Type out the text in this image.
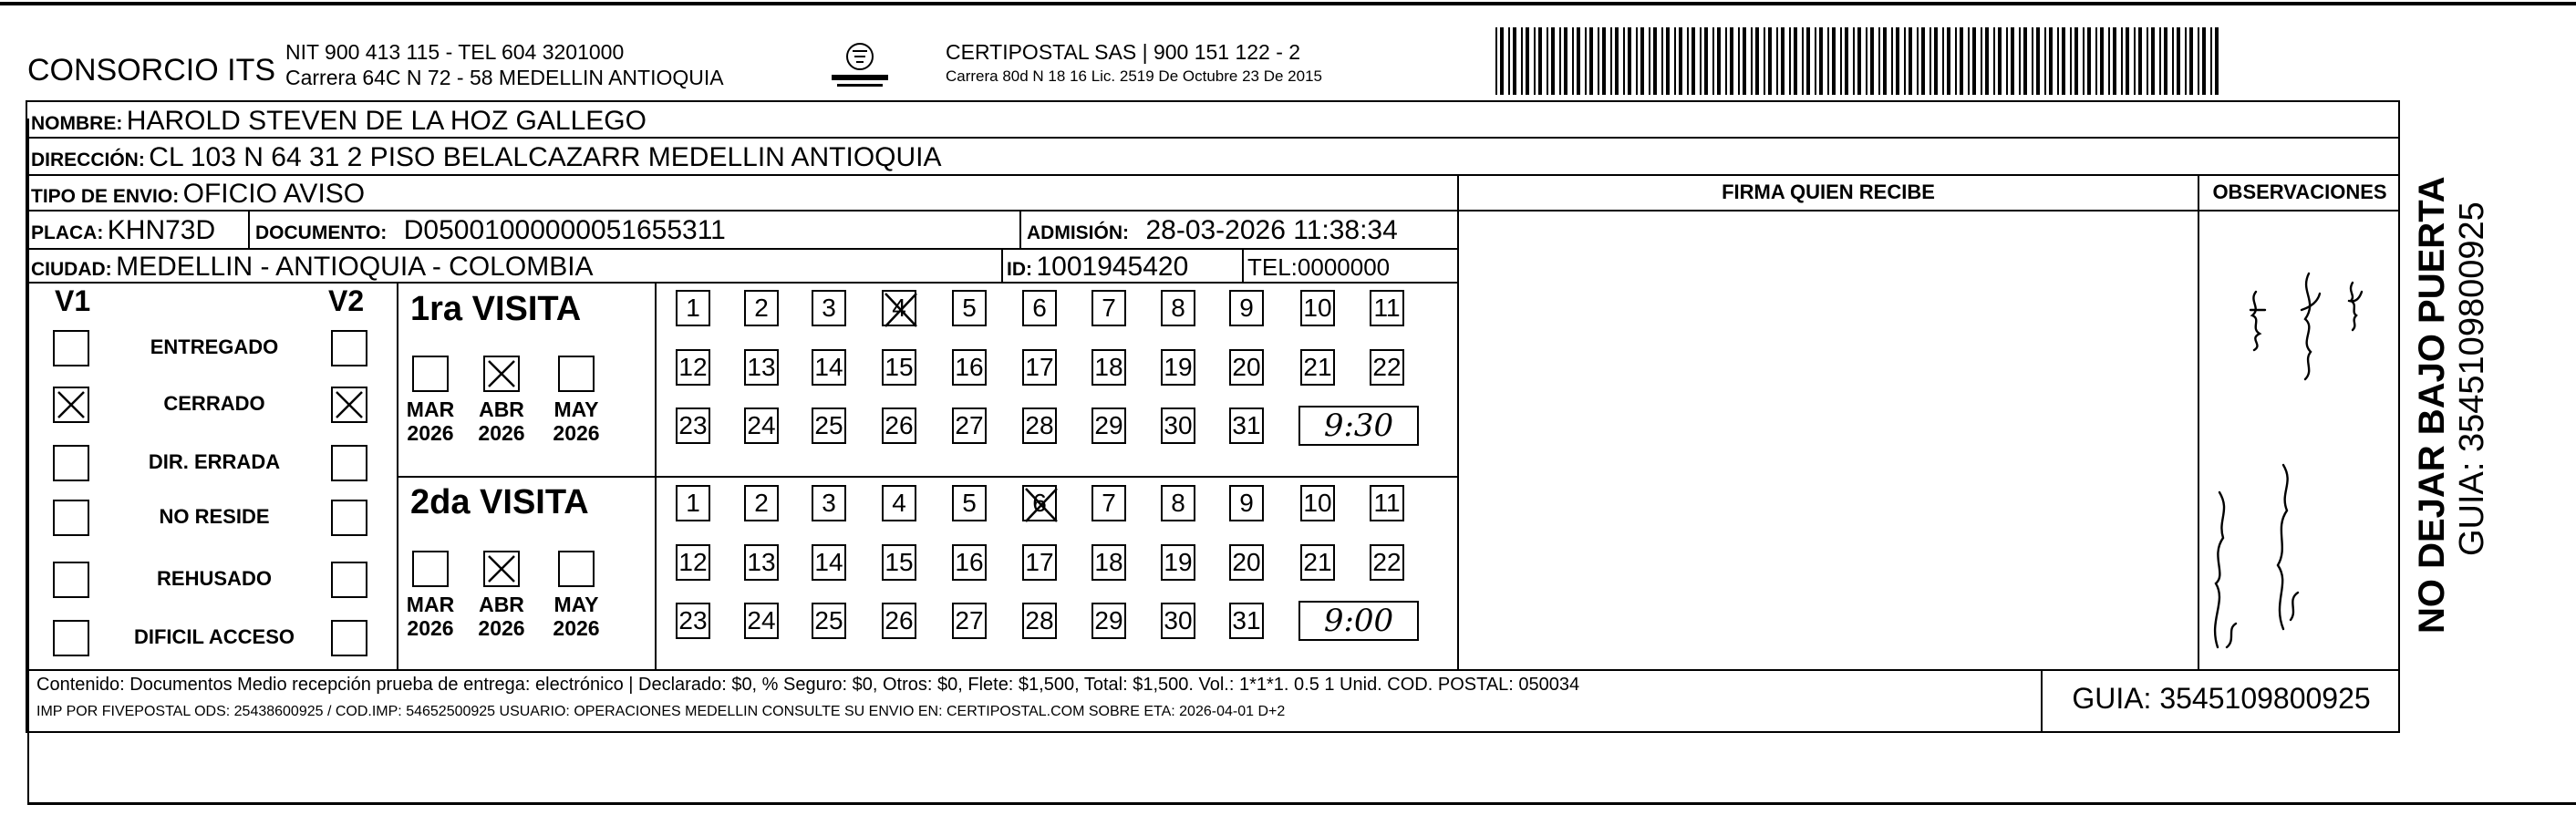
CONSORCIO ITS
NIT 900 413 115 - TEL 604 3201000
Carrera 64C N 72 - 58 MEDELLIN ANTIOQUIA
CERTIPOSTAL SAS | 900 151 122 - 2
Carrera 80d N 18 16 Lic. 2519 De Octubre 23 De 2015
NOMBRE: HAROLD STEVEN DE LA HOZ GALLEGO
DIRECCIÓN: CL 103 N 64 31 2 PISO BELALCAZARR MEDELLIN ANTIOQUIA
TIPO DE ENVIO: OFICIO AVISO
PLACA: KHN73D DOCUMENTO: D05001000000051655311	ADMISIÓN: 28-03-2026 11:38:34
CIUDAD: MEDELLIN - ANTIOQUIA - COLOMBIA	ID: 1001945420 TEL:0000000
FIRMA QUIEN RECIBE	OBSERVACIONES
V1	V2
ENTREGADO
CERRADO
DIR. ERRADA
NO RESIDE
REHUSADO
DIFICIL ACCESO
1ra VISITA
MAR
2026
ABR
2026
MAY
2026
1	2	3	4	5	6	7	8	9	10 11
12 13 14 15 16 17 18 19 20 21 22
23 24 25 26 27 28 29 30 31	9:30
2da VISITA
MAR
2026
ABR
2026
MAY
2026
1	2	3	4	5	6	7	8	9	10 11
12 13 14 15 16 17 18 19 20 21 22
23 24 25 26 27 28 29 30 31	9:00
Contenido: Documentos Medio recepción prueba de entrega: electrónico | Declarado: $0, % Seguro: $0, Otros: $0, Flete: $1,500, Total: $1,500. Vol.: 1*1*1. 0.5 1 Unid. COD. POSTAL: 050034
IMP POR FIVEPOSTAL ODS: 25438600925 / COD.IMP: 54652500925 USUARIO: OPERACIONES MEDELLIN CONSULTE SU ENVIO EN: CERTIPOSTAL.COM SOBRE ETA: 2026-04-01 D+2	GUIA: 3545109800925
NO DEJAR BAJO PUERTA GUIA: 3545109800925
